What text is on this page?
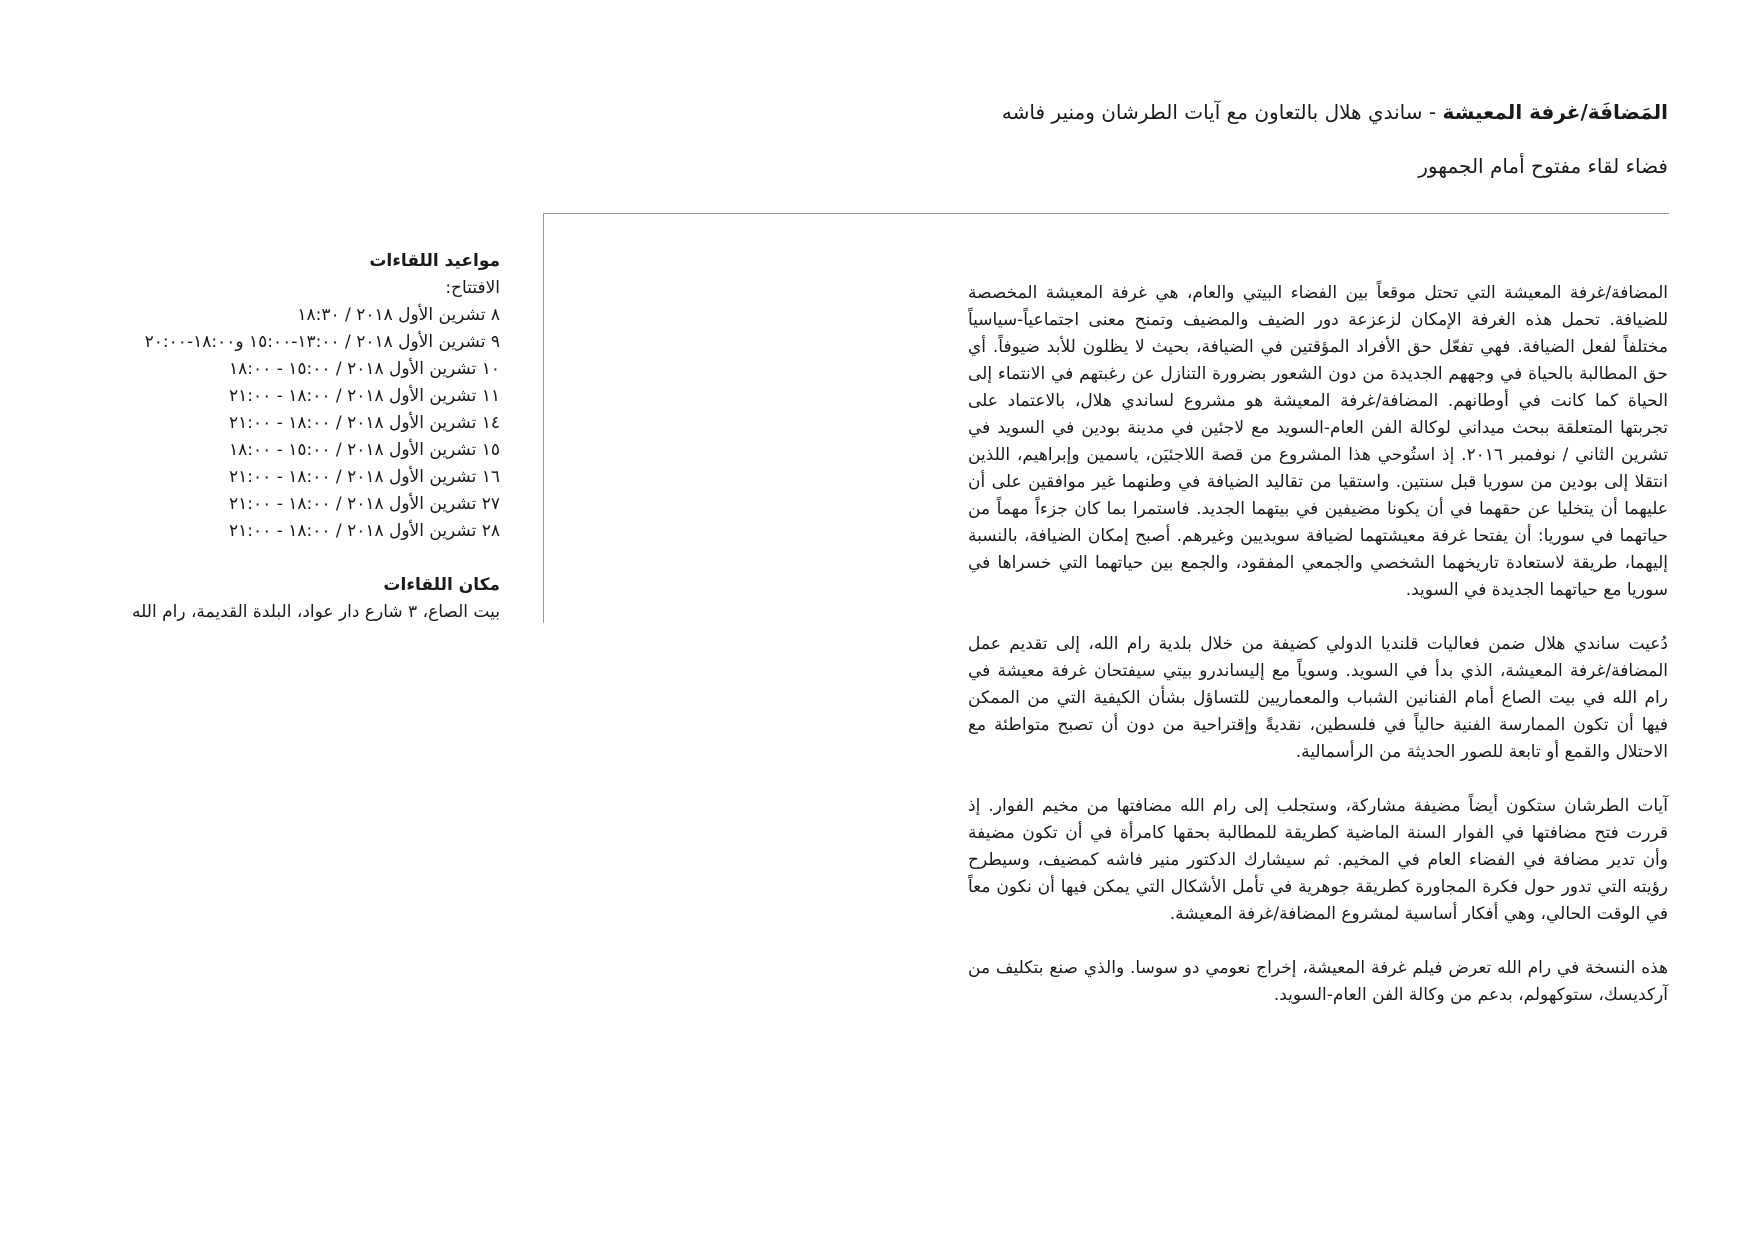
المَضافَة/غرفة المعيشة - ساندي هلال بالتعاون مع آيات الطرشان ومنير فاشه
فضاء لقاء مفتوح أمام الجمهور

المضافة/غرفة المعيشة التي تحتل موقعاً بين الفضاء البيتي والعام، هي غرفة المعيشة المخصصة للضيافة. تحمل هذه الغرفة الإمكان لزعزعة دور الضيف والمضيف وتمنح معنى اجتماعياً-سياسياً مختلفاً لفعل الضيافة. فهي تفعّل حق الأفراد المؤقتين في الضيافة، بحيث لا يظلون للأبد ضيوفاً. أي حق المطالبة بالحياة في وجههم الجديدة من دون الشعور بضرورة التنازل عن رغبتهم في الانتماء إلى الحياة كما كانت في أوطانهم. المضافة/غرفة المعيشة هو مشروع لساندي هلال، بالاعتماد على تجربتها المتعلقة ببحث ميداني لوكالة الفن العام-السويد مع لاجئين في مدينة بودين في السويد في تشرين الثاني / نوفمبر ٢٠١٦. إذ استُوحي هذا المشروع من قصة اللاجئيَن، ياسمين وإبراهيم، اللذين انتقلا إلى بودين من سوريا قبل سنتين. واستقيا من تقاليد الضيافة في وطنهما غير موافقين على أن عليهما أن يتخليا عن حقهما في أن يكونا مضيفين في بيتهما الجديد. فاستمرا بما كان جزءاً مهماً من حياتهما في سوريا: أن يفتحا غرفة معيشتهما لضيافة سويديين وغيرهم. أصبح إمكان الضيافة، بالنسبة إليهما، طريقة لاستعادة تاريخهما الشخصي والجمعي المفقود، والجمع بين حياتهما التي خسراها في سوريا مع حياتهما الجديدة في السويد.

دُعيت ساندي هلال ضمن فعاليات قلنديا الدولي كضيفة من خلال بلدية رام الله، إلى تقديم عمل المضافة/غرفة المعيشة، الذي بدأ في السويد. وسوياً مع إليساندرو بيتي سيفتحان غرفة معيشة في رام الله في بيت الصاع أمام الفنانين الشباب والمعماريين للتساؤل بشأن الكيفية التي من الممكن فيها أن تكون الممارسة الفنية حالياً في فلسطين، نقديةً وإقتراحية من دون أن تصبح متواطئة مع الاحتلال والقمع أو تابعة للصور الحديثة من الرأسمالية.

آيات الطرشان ستكون أيضاً مضيفة مشاركة، وستجلب إلى رام الله مضافتها من مخيم الفوار. إذ قررت فتح مضافتها في الفوار السنة الماضية كطريقة للمطالبة بحقها كامرأة في أن تكون مضيفة وأن تدير مضافة في الفضاء العام في المخيم. ثم سيشارك الدكتور منير فاشه كمضيف، وسيطرح رؤيته التي تدور حول فكرة المجاورة كطريقة جوهرية في تأمل الأشكال التي يمكن فيها أن نكون معاً في الوقت الحالي، وهي أفكار أساسية لمشروع المضافة/غرفة المعيشة.

هذه النسخة في رام الله تعرض فيلم غرفة المعيشة، إخراج نعومي دو سوسا. والذي صنع بتكليف من آركديسك، ستوكهولم، بدعم من وكالة الفن العام-السويد.

مواعيد اللقاءات

الافتتاح:

٨ تشرين الأول ٢٠١٨ / ١٨:٣٠
٩ تشرين الأول ٢٠١٨ / ١٣:٠٠-١٥:٠٠ و١٨:٠٠-٢٠:٠٠
١٠ تشرين الأول ٢٠١٨ / ١٥:٠٠ - ١٨:٠٠
١١ تشرين الأول ٢٠١٨ / ١٨:٠٠ - ٢١:٠٠
١٤ تشرين الأول ٢٠١٨ / ١٨:٠٠ - ٢١:٠٠
١٥ تشرين الأول ٢٠١٨ / ١٥:٠٠ - ١٨:٠٠
١٦ تشرين الأول ٢٠١٨ / ١٨:٠٠ - ٢١:٠٠
٢٧ تشرين الأول ٢٠١٨ / ١٨:٠٠ - ٢١:٠٠
٢٨ تشرين الأول ٢٠١٨ / ١٨:٠٠ - ٢١:٠٠

مكان اللقاءات

بيت الصاع، ٣ شارع دار عواد، البلدة القديمة، رام الله
